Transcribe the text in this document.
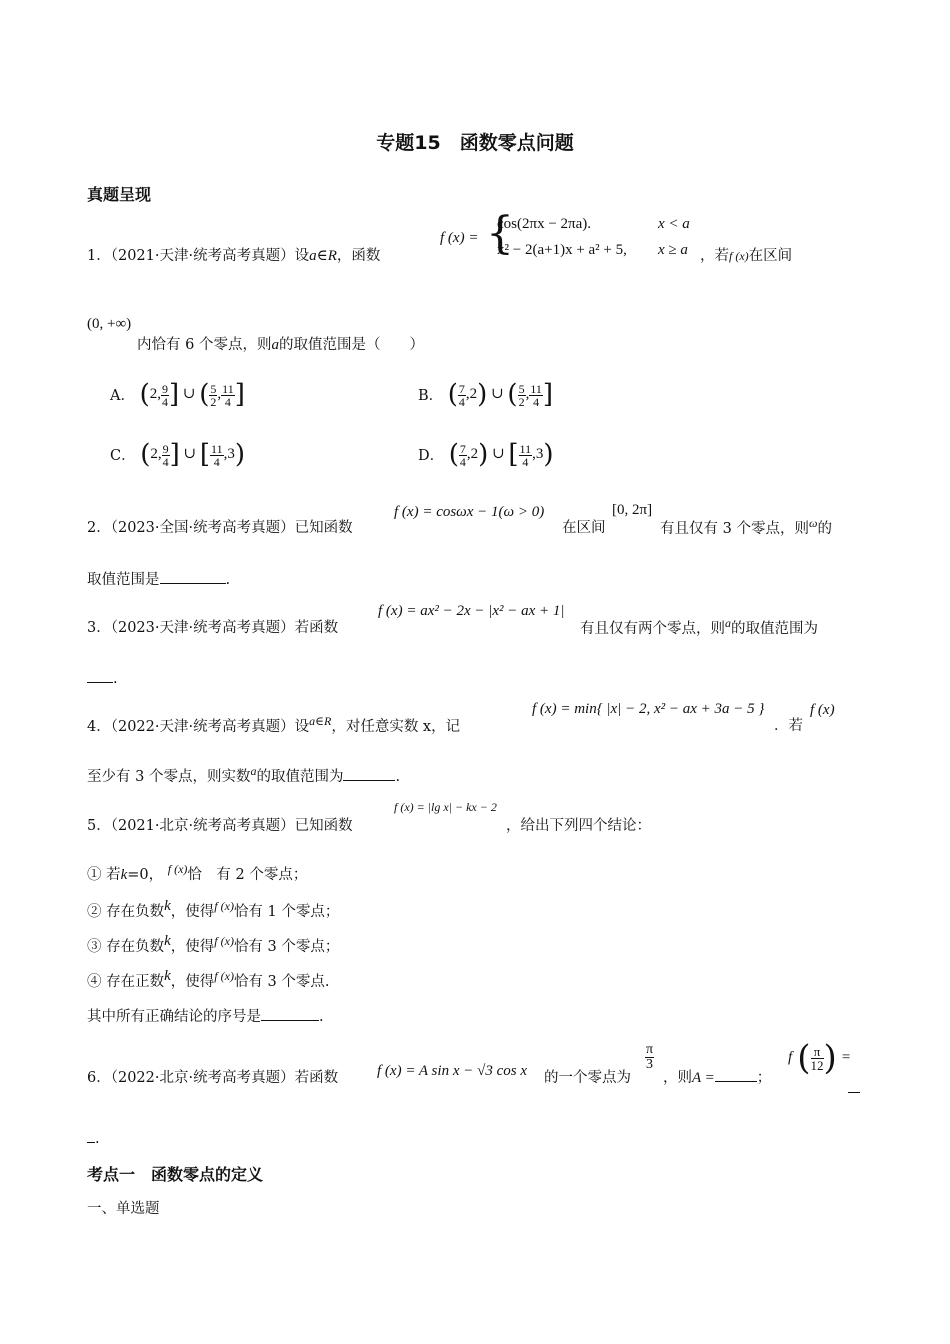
专题15　函数零点问题
真题呈现
1．（2021·天津·统考高考真题）设a∈R，函数
f (x) = {
cos(2πx − 2πa).	x < a
x² − 2(a+1)x + a² + 5, x ≥ a ，若f (x)在区间
(0, +∞)
内恰有 6 个零点，则a的取值范围是（　　）
A． (2, $\frac{9}{4}$ ] ∪ ( $\frac{5}{2}$ , $\frac{11}{4}$ ]	B． ( $\frac{7}{4} ,2$) ∪ ( $\frac{5}{2}$ , $\frac{11}{4}$ ]
C． (2, $\frac{9}{4}$ ] ∪ [ $\frac{11}{4} ,3$)	D． ( $\frac{7}{4} ,2$) ∪ [ $\frac{11}{4} ,3$)
2．（2023·全国·统考高考真题）已知函数
f (x) = cosωx − 1(ω > 0)
在区间
[0, 2π]
有且仅有 3 个零点，则$^\omega$的
取值范围是	.
3．（2023·天津·统考高考真题）若函数
f (x) = ax² − 2x − |x² − ax + 1|
有且仅有两个零点，则$^a$的取值范围为
.
4．（2022·天津·统考高考真题）设$^{a\in R}$，对任意实数 x，记
f (x) = min{ |x| − 2, x² − ax + 3a − 5 }
．若
f (x)
至少有 3 个零点，则实数$^a$的取值范围为	.
5．（2021·北京·统考高考真题）已知函数
f (x) = |lg x| − kx − 2
，给出下列四个结论：
① 若k=0， $^{f (x)}$恰　有 2 个零点；
② 存在负数$^k$，使得$^{f (x)}$恰有 1 个零点；
③ 存在负数$^k$，使得$^{f (x)}$恰有 3 个零点；
④ 存在正数$^k$，使得$^{f (x)}$恰有 3 个零点.
其中所有正确结论的序号是	.
6．（2022·北京·统考高考真题）若函数	f (x) = A sin x − √3 cos x 的一个零点为
$\frac{\pi}{3}$
，则A =	；
f ( $\frac{\pi}{12}$ ) =
.
考点一　函数零点的定义
一、单选题
